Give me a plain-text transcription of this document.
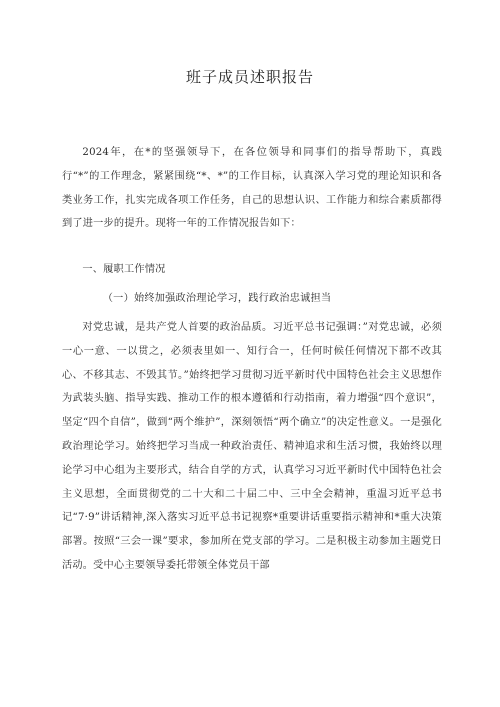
班子成员述职报告
2024年，在*的坚强领导下，在各位领导和同事们的指导帮助下，真践行“*”的工作理念，紧紧围绕“*、*”的工作目标，认真深入学习党的理论知识和各类业务工作，扎实完成各项工作任务，自己的思想认识、工作能力和综合素质都得到了进一步的提升。现将一年的工作情况报告如下：
一、履职工作情况
（一）始终加强政治理论学习，践行政治忠诚担当
对党忠诚，是共产党人首要的政治品质。习近平总书记强调：”对党忠诚，必须一心一意、一以贯之，必须表里如一、知行合一，任何时候任何情况下都不改其心、不移其志、不毁其节。”始终把学习贯彻习近平新时代中国特色社会主义思想作为武装头脑、指导实践、推动工作的根本遵循和行动指南，着力增强“四个意识”，坚定“四个自信”，做到“两个维护”，深刻领悟“两个确立”的决定性意义。一是强化政治理论学习。始终把学习当成一种政治责任、精神追求和生活习惯，我始终以理论学习中心组为主要形式，结合自学的方式，认真学习习近平新时代中国特色社会主义思想，全面贯彻党的二十大和二十届二中、三中全会精神，重温习近平总书记“7·9”讲话精神,深入落实习近平总书记视察*重要讲话重要指示精神和*重大决策部署。按照“三会一课”要求，参加所在党支部的学习。二是积极主动参加主题党日活动。受中心主要领导委托带领全体党员干部
